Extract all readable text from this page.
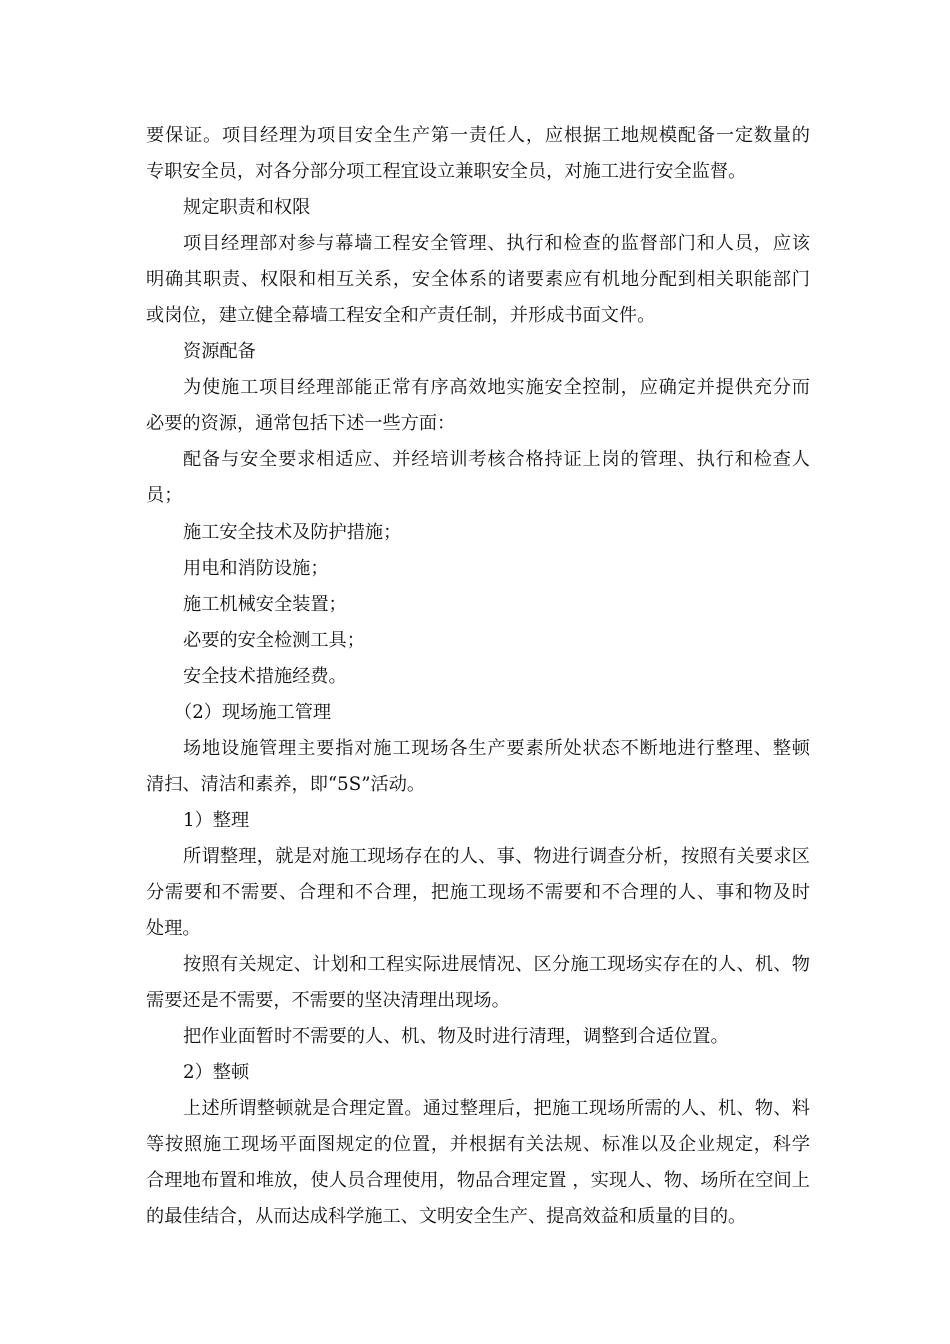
要保证。项目经理为项目安全生产第一责任人，应根据工地规模配备一定数量的
专职安全员，对各分部分项工程宜设立兼职安全员，对施工进行安全监督。
规定职责和权限
项目经理部对参与幕墙工程安全管理、执行和检查的监督部门和人员，应该
明确其职责、权限和相互关系，安全体系的诸要素应有机地分配到相关职能部门
或岗位，建立健全幕墙工程安全和产责任制，并形成书面文件。
资源配备
为使施工项目经理部能正常有序高效地实施安全控制，应确定并提供充分而
必要的资源，通常包括下述一些方面：
配备与安全要求相适应、并经培训考核合格持证上岗的管理、执行和检查人
员；
施工安全技术及防护措施；
用电和消防设施；
施工机械安全装置；
必要的安全检测工具；
安全技术措施经费。
（2）现场施工管理
场地设施管理主要指对施工现场各生产要素所处状态不断地进行整理、整顿
清扫、清洁和素养，即“5S”活动。
1）整理
所谓整理，就是对施工现场存在的人、事、物进行调查分析，按照有关要求区
分需要和不需要、合理和不合理，把施工现场不需要和不合理的人、事和物及时
处理。
按照有关规定、计划和工程实际进展情况、区分施工现场实存在的人、机、物
需要还是不需要，不需要的坚决清理出现场。
把作业面暂时不需要的人、机、物及时进行清理，调整到合适位置。
2）整顿
上述所谓整顿就是合理定置。通过整理后，把施工现场所需的人、机、物、料
等按照施工现场平面图规定的位置，并根据有关法规、标准以及企业规定，科学
合理地布置和堆放，使人员合理使用，物品合理定置 ，实现人、物、场所在空间上
的最佳结合，从而达成科学施工、文明安全生产、提高效益和质量的目的。
